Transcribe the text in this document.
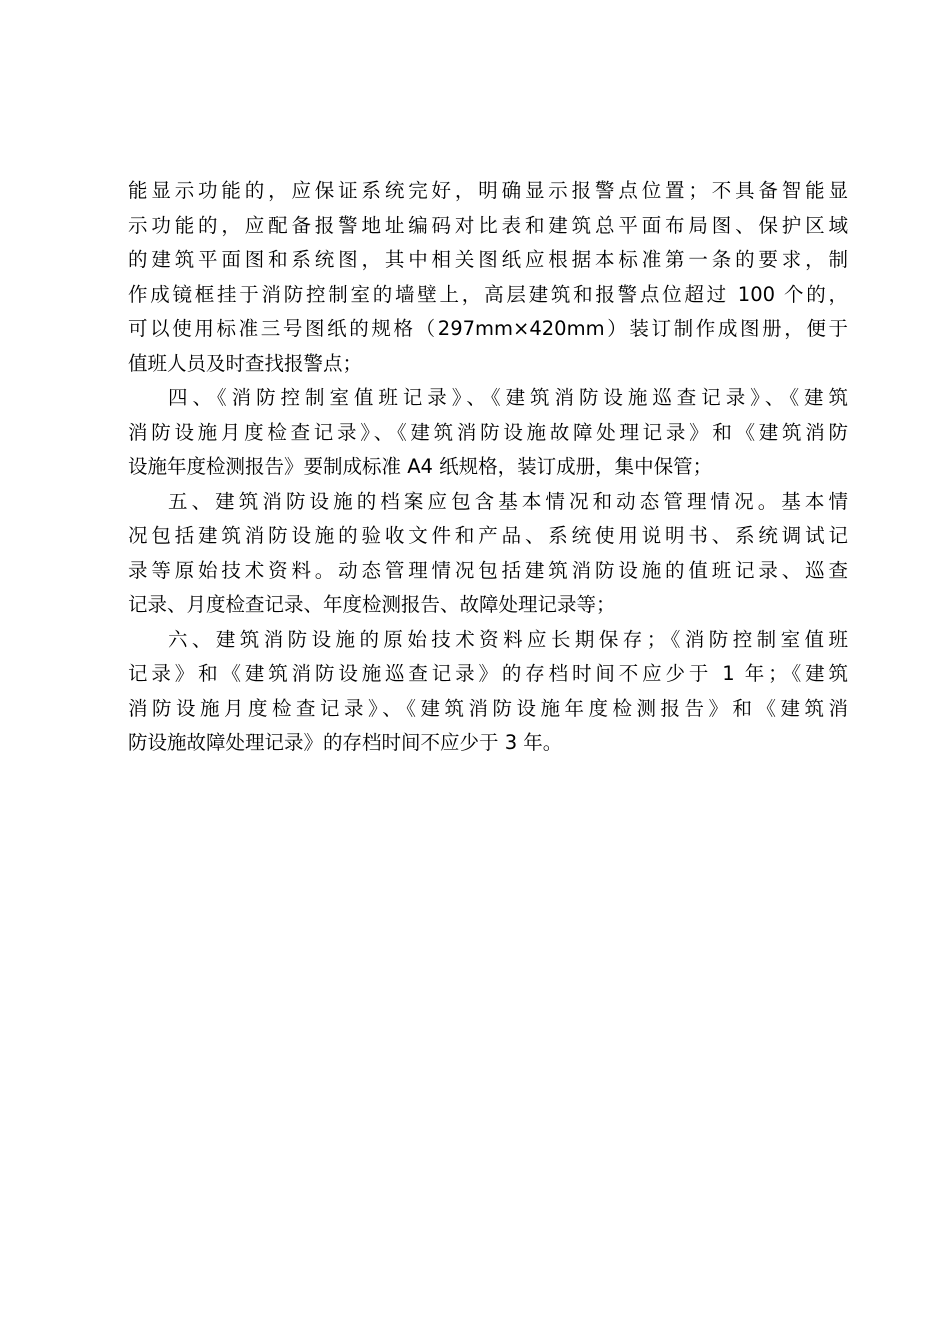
能显示功能的，应保证系统完好，明确显示报警点位置；不具备智能显
示功能的，应配备报警地址编码对比表和建筑总平面布局图、保护区域
的建筑平面图和系统图，其中相关图纸应根据本标准第一条的要求，制
作成镜框挂于消防控制室的墙壁上，高层建筑和报警点位超过 100 个的，
可以使用标准三号图纸的规格（297mm×420mm）装订制作成图册，便于
值班人员及时查找报警点；
四、《消防控制室值班记录》、《建筑消防设施巡查记录》、《建筑
消防设施月度检查记录》、《建筑消防设施故障处理记录》和《建筑消防
设施年度检测报告》要制成标准 A4 纸规格，装订成册，集中保管；
五、建筑消防设施的档案应包含基本情况和动态管理情况。基本情
况包括建筑消防设施的验收文件和产品、系统使用说明书、系统调试记
录等原始技术资料。动态管理情况包括建筑消防设施的值班记录、巡查
记录、月度检查记录、年度检测报告、故障处理记录等；
六、建筑消防设施的原始技术资料应长期保存；《消防控制室值班
记录》和《建筑消防设施巡查记录》的存档时间不应少于 1 年；《建筑
消防设施月度检查记录》、《建筑消防设施年度检测报告》和《建筑消
防设施故障处理记录》的存档时间不应少于 3 年。
